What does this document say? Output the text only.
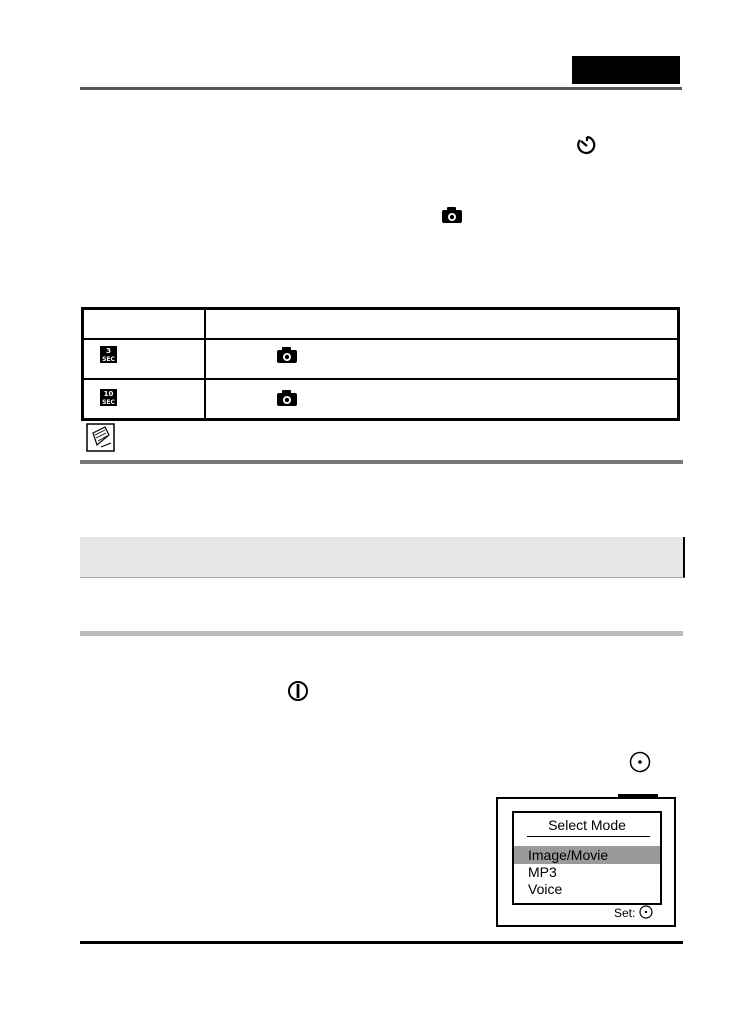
3
SEC
10
SEC
Select Mode
Image/Movie
MP3
Voice
Set:
